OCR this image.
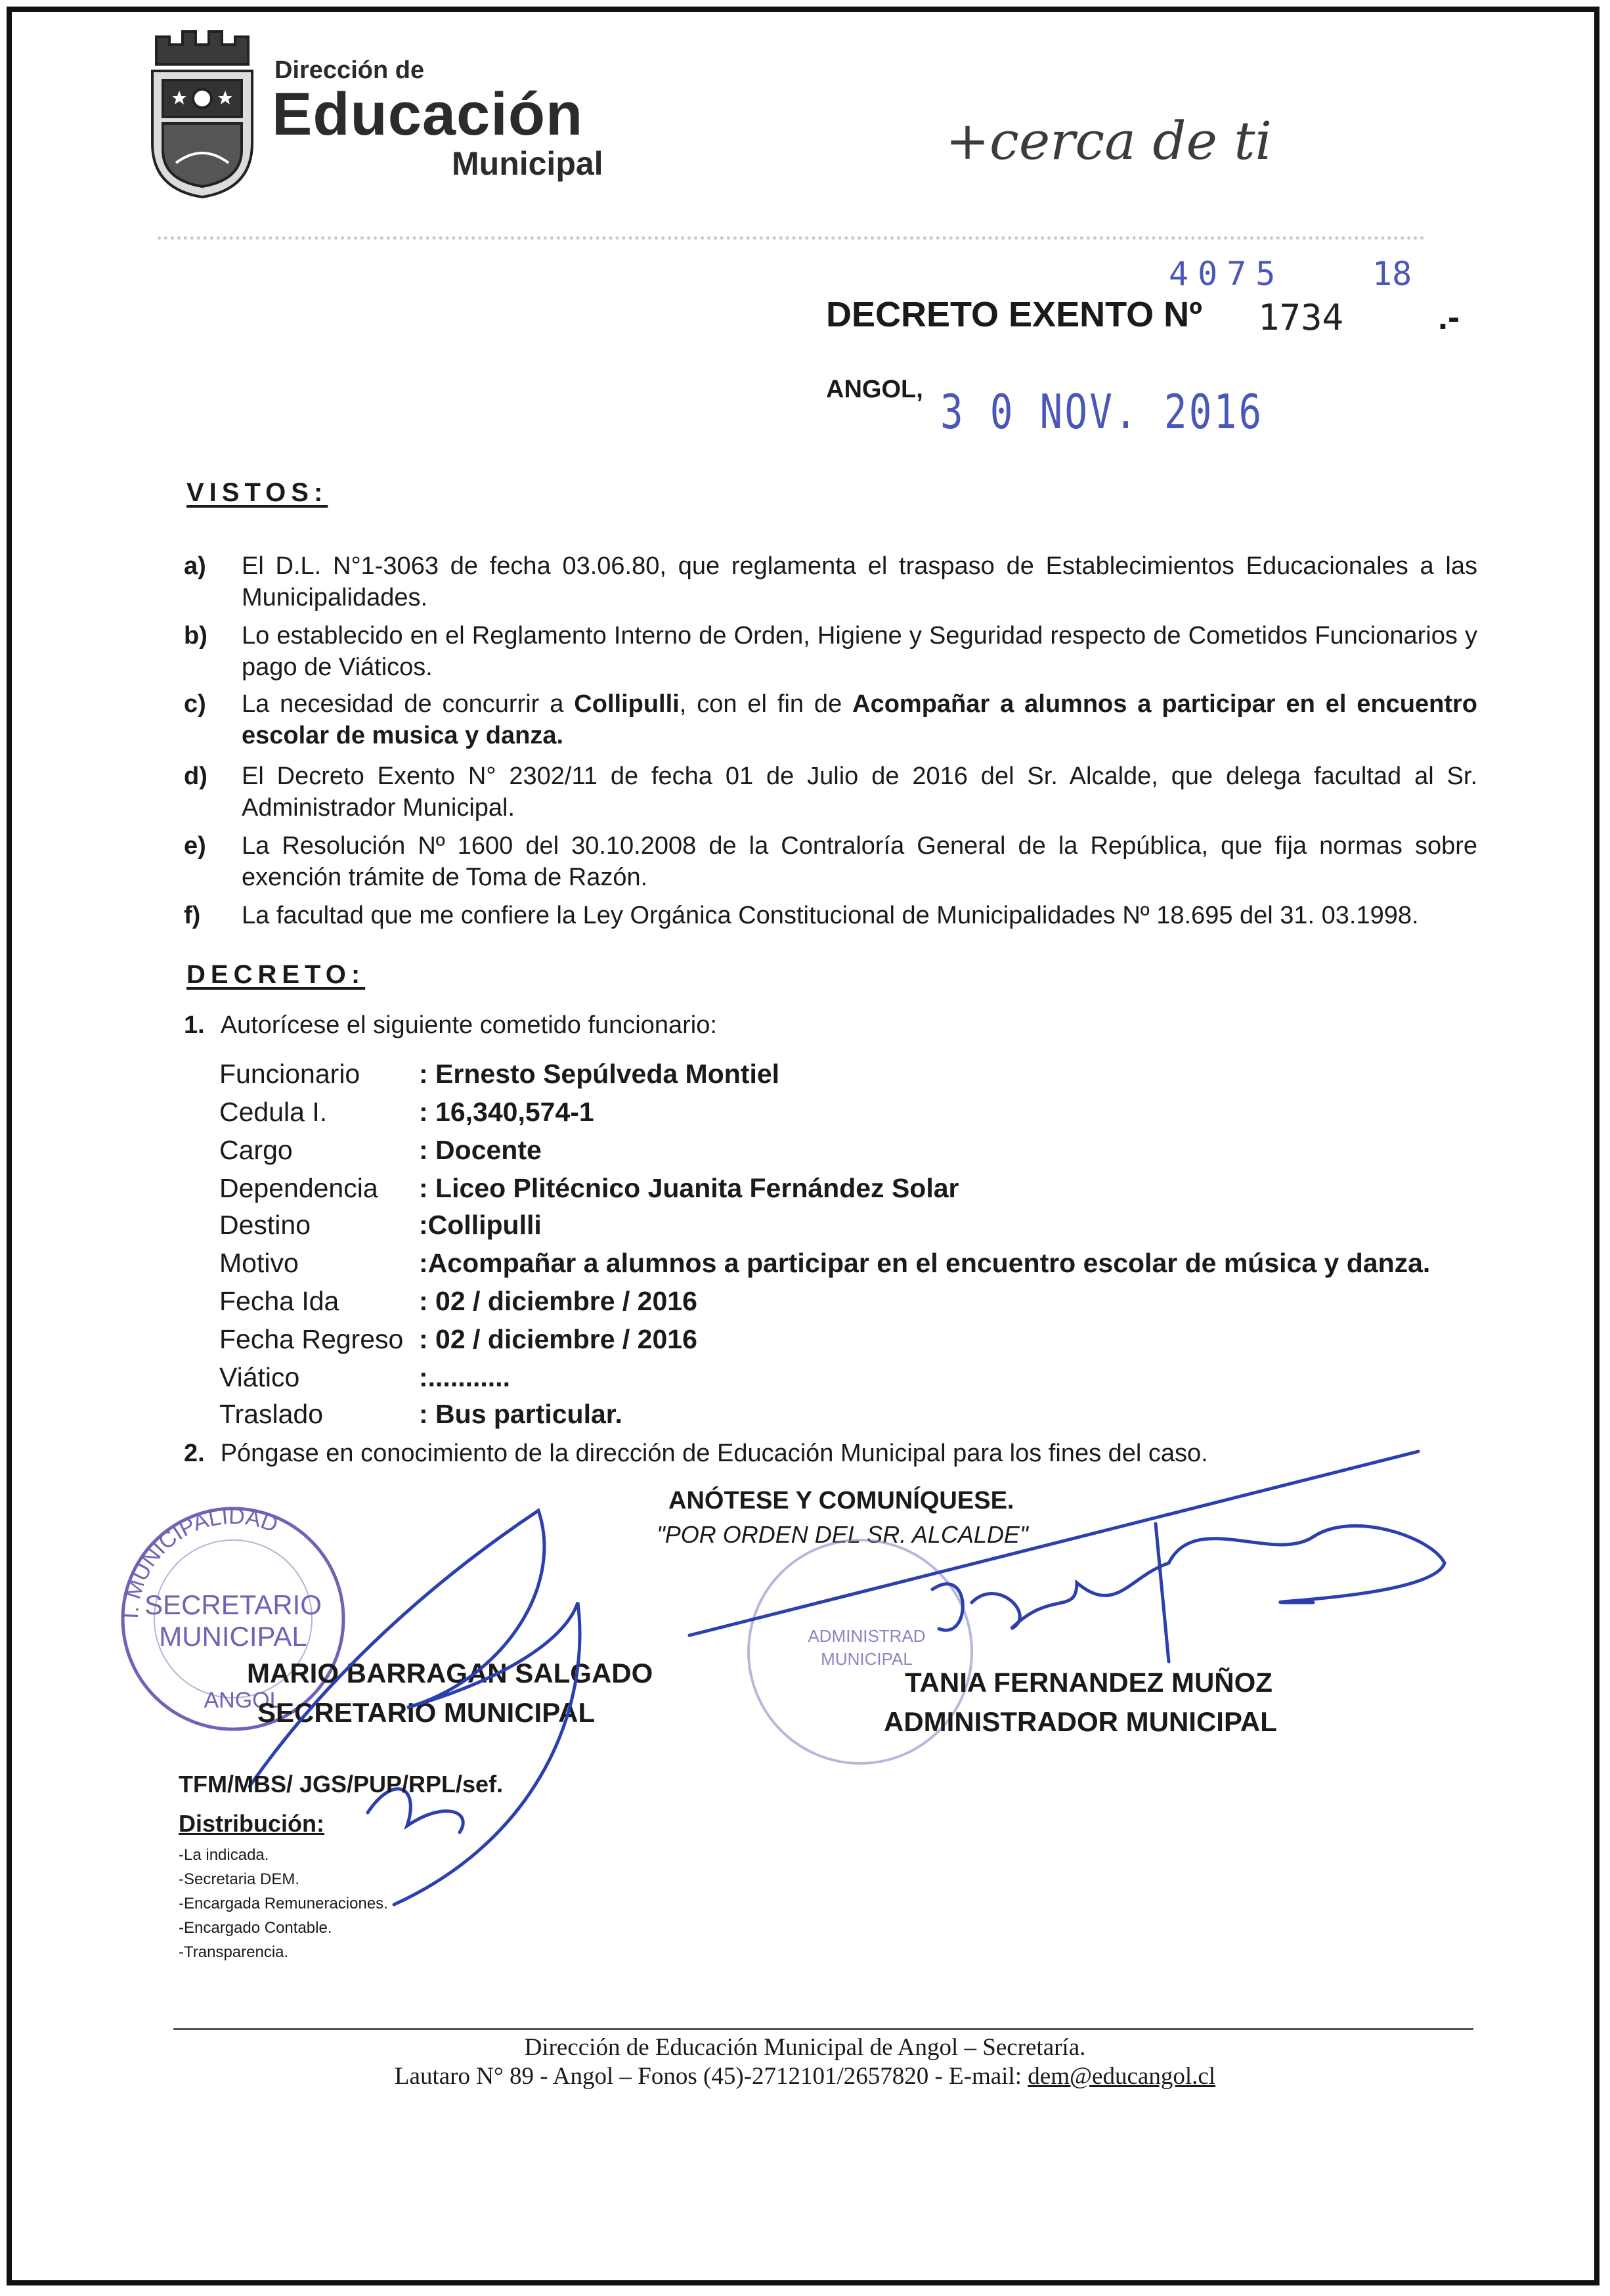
Dirección de
Educación
Municipal	+cerca de ti
4075	18
DECRETO EXENTO Nº 1734	.-
ANGOL, 3 0 NOV. 2016
VISTOS:
a) El D.L. N°1-3063 de fecha 03.06.80, que reglamenta el traspaso de Establecimientos Educacionales a las Municipalidades.
b) Lo establecido en el Reglamento Interno de Orden, Higiene y Seguridad respecto de Cometidos Funcionarios y pago de Viáticos.
c) La necesidad de concurrir a Collipulli, con el fin de Acompañar a alumnos a participar en el encuentro escolar de musica y danza.
d) El Decreto Exento N° 2302/11 de fecha 01 de Julio de 2016 del Sr. Alcalde, que delega facultad al Sr. Administrador Municipal.
e) La Resolución Nº 1600 del 30.10.2008 de la Contraloría General de la República, que fija normas sobre exención trámite de Toma de Razón.
f) La facultad que me confiere la Ley Orgánica Constitucional de Municipalidades Nº 18.695 del 31. 03.1998.
DECRETO:
1. Autorícese el siguiente cometido funcionario:
Funcionario : Ernesto Sepúlveda Montiel
Cedula I.	: 16,340,574-1
Cargo	: Docente
Dependencia : Liceo Plitécnico Juanita Fernández Solar
Destino	:Collipulli
Motivo	:Acompañar a alumnos a participar en el encuentro escolar de música y danza.
Fecha Ida	: 02 / diciembre / 2016
Fecha Regreso : 02 / diciembre / 2016
Viático	:...........
Traslado	: Bus particular.
2. Póngase en conocimiento de la dirección de Educación Municipal para los fines del caso.
ANÓTESE Y COMUNÍQUESE.
"POR ORDEN DEL SR. ALCALDE"
I. MUNICIPALIDAD
SECRETARIO
MUNICIPAL
ANGOL
ADMINISTRAD
MUNICIPAL
MARIO BARRAGAN SALGADO
SECRETARIO MUNICIPAL
TANIA FERNANDEZ MUÑOZ
ADMINISTRADOR MUNICIPAL
TFM/MBS/ JGS/PUP/RPL/sef.
Distribución:
-La indicada.
-Secretaria DEM.
-Encargada Remuneraciones.
-Encargado Contable.
-Transparencia.
Dirección de Educación Municipal de Angol – Secretaría.
Lautaro N° 89 - Angol – Fonos (45)-2712101/2657820 - E-mail: dem@educangol.cl
